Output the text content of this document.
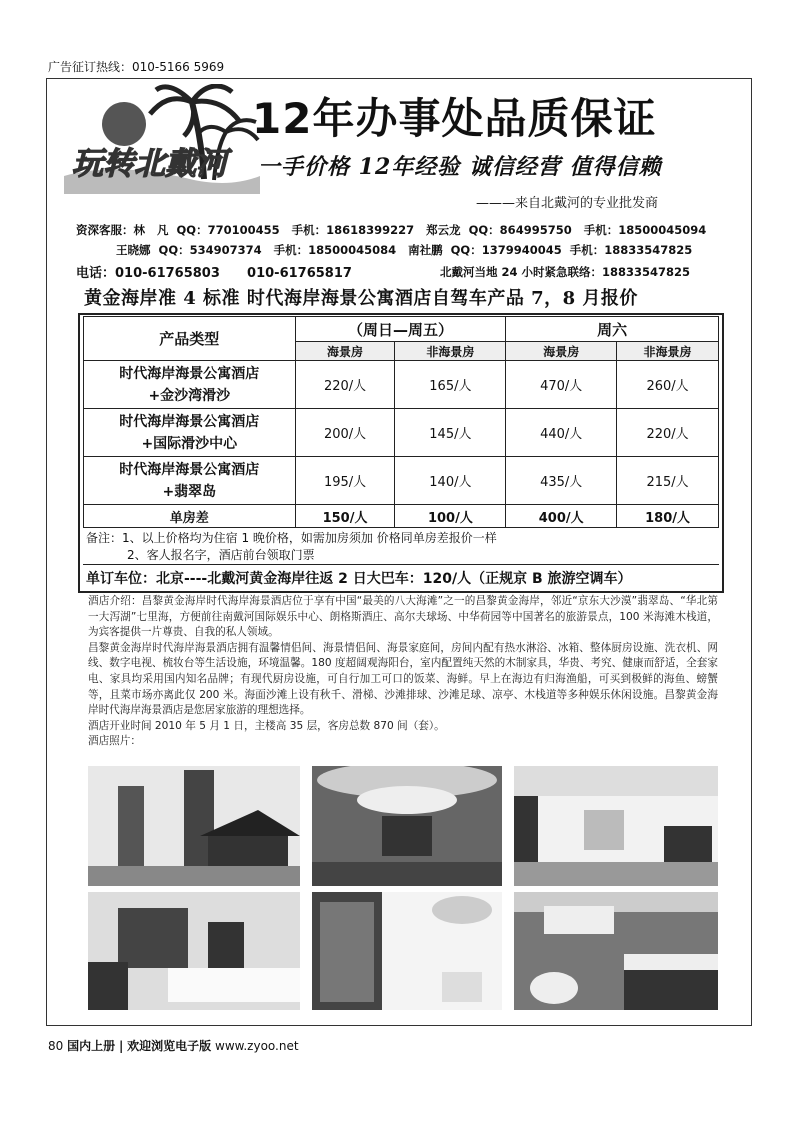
广告征订热线：010-5166 5969
玩转北戴河
12年办事处品质保证
一手价格 12年经验 诚信经营 值得信赖
———来自北戴河的专业批发商
资深客服：林   凡  QQ：770100455   手机：18618399227   郑云龙  QQ：864995750   手机：18500045094
王晓娜  QQ：534907374   手机：18500045084   南社鹏  QQ：1379940045  手机：18833547825
电话：010-61765803      010-61765817	北戴河当地 24 小时紧急联络：18833547825
黄金海岸准 4 标准 时代海岸海景公寓酒店自驾车产品 7，8 月报价
产品类型	（周日—周五）		周六	
	海景房	非海景房	海景房	非海景房

时代海岸海景公寓酒店
+金沙湾滑沙	220/人	165/人	470/人	260/人

时代海岸海景公寓酒店
+国际滑沙中心	200/人	145/人	440/人	220/人

时代海岸海景公寓酒店
+翡翠岛	195/人	140/人	435/人	215/人
单房差	150/人	100/人	400/人	180/人
备注：1、以上价格均为住宿 1 晚价格，如需加房须加 价格同单房差报价一样
2、客人报名字，酒店前台领取门票
单订车位：北京----北戴河黄金海岸往返 2 日大巴车：120/人（正规京 B 旅游空调车）
酒店介绍：昌黎黄金海岸时代海岸海景酒店位于享有中国“最美的八大海滩”之一的昌黎黄金海岸，邻近“京东大沙漠”翡翠岛、“华北第一大泻湖”七里海，方便前往南戴河国际娱乐中心、朗格斯酒庄、高尔夫球场、中华荷园等中国著名的旅游景点，100 米海滩木栈道，为宾客提供一片尊贵、自我的私人领域。
昌黎黄金海岸时代海岸海景酒店拥有温馨情侣间、海景情侣间、海景家庭间，房间内配有热水淋浴、冰箱、整体厨房设施、洗衣机、网线、数字电视、梳妆台等生活设施，环境温馨。180 度超阔观海阳台，室内配置纯天然的木制家具，华贵、考究、健康而舒适，全套家电、家具均采用国内知名品牌；有现代厨房设施，可自行加工可口的饭菜、海鲜。早上在海边有归海渔船，可买到极鲜的海鱼、螃蟹等，且菜市场亦离此仅 200 米。海面沙滩上设有秋千、滑梯、沙滩排球、沙滩足球、凉亭、木栈道等多种娱乐休闲设施。昌黎黄金海岸时代海岸海景酒店是您居家旅游的理想选择。
酒店开业时间 2010 年 5 月 1 日，主楼高 35 层，客房总数 870 间（套）。
酒店照片：
80 国内上册 | 欢迎浏览电子版 www.zyoo.net
